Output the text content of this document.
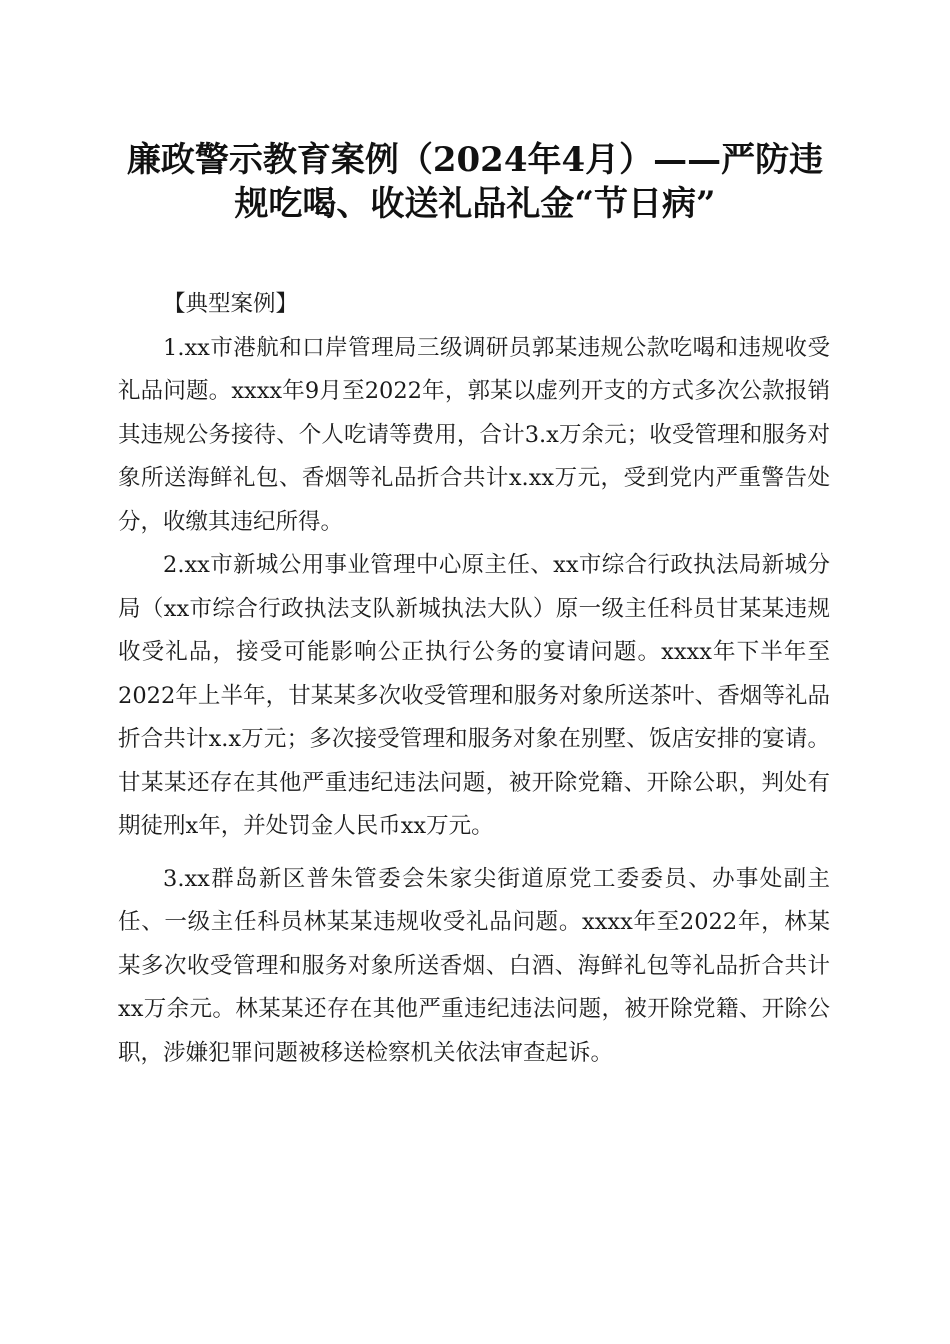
廉政警示教育案例（2024年4月）——严防违
规吃喝、收送礼品礼金“节日病”

【典型案例】

1.xx市港航和口岸管理局三级调研员郭某违规公款吃喝和违规收受礼品问题。xxxx年9月至2022年，郭某以虚列开支的方式多次公款报销其违规公务接待、个人吃请等费用，合计3.x万余元；收受管理和服务对象所送海鲜礼包、香烟等礼品折合共计x.xx万元，受到党内严重警告处分，收缴其违纪所得。

2.xx市新城公用事业管理中心原主任、xx市综合行政执法局新城分局（xx市综合行政执法支队新城执法大队）原一级主任科员甘某某违规收受礼品，接受可能影响公正执行公务的宴请问题。xxxx年下半年至2022年上半年，甘某某多次收受管理和服务对象所送茶叶、香烟等礼品折合共计x.x万元；多次接受管理和服务对象在别墅、饭店安排的宴请。甘某某还存在其他严重违纪违法问题，被开除党籍、开除公职，判处有期徒刑x年，并处罚金人民币xx万元。

3.xx群岛新区普朱管委会朱家尖街道原党工委委员、办事处副主任、一级主任科员林某某违规收受礼品问题。xxxx年至2022年，林某某多次收受管理和服务对象所送香烟、白酒、海鲜礼包等礼品折合共计xx万余元。林某某还存在其他严重违纪违法问题，被开除党籍、开除公职，涉嫌犯罪问题被移送检察机关依法审查起诉。
